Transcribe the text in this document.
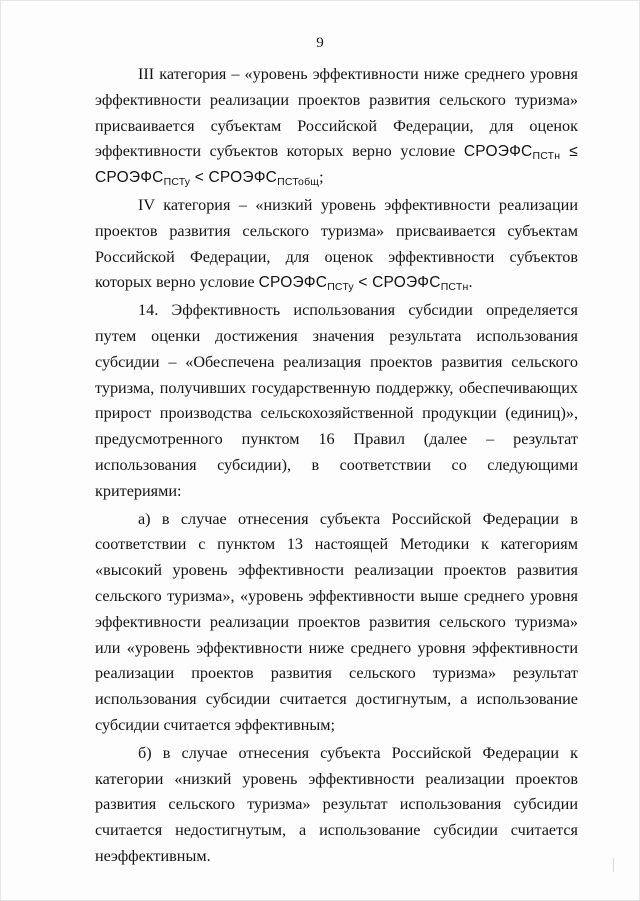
9

III категория – «уровень эффективности ниже среднего уровня эффективности реализации проектов развития сельского туризма» присваивается субъектам Российской Федерации, для оценок эффективности субъектов которых верно условие $СРОЭФС_{ПСТн}$ ≤ $СРОЭФС_{ПСТу}$ < $СРОЭФС_{ПСТобщ}$;

IV категория – «низкий уровень эффективности реализации проектов развития сельского туризма» присваивается субъектам Российской Федерации, для оценок эффективности субъектов которых верно условие $СРОЭФС_{ПСТу}$ < $СРОЭФС_{ПСТн}$.

14. Эффективность использования субсидии определяется путем оценки достижения значения результата использования субсидии – «Обеспечена реализация проектов развития сельского туризма, получивших государственную поддержку, обеспечивающих прирост производства сельскохозяйственной продукции (единиц)», предусмотренного пунктом 16 Правил (далее – результат использования субсидии), в соответствии со следующими критериями:

а) в случае отнесения субъекта Российской Федерации в соответствии с пунктом 13 настоящей Методики к категориям «высокий уровень эффективности реализации проектов развития сельского туризма», «уровень эффективности выше среднего уровня эффективности реализации проектов развития сельского туризма» или «уровень эффективности ниже среднего уровня эффективности реализации проектов развития сельского туризма» результат использования субсидии считается достигнутым, а использование субсидии считается эффективным;

б) в случае отнесения субъекта Российской Федерации к категории «низкий уровень эффективности реализации проектов развития сельского туризма» результат использования субсидии считается недостигнутым, а использование субсидии считается неэффективным.
